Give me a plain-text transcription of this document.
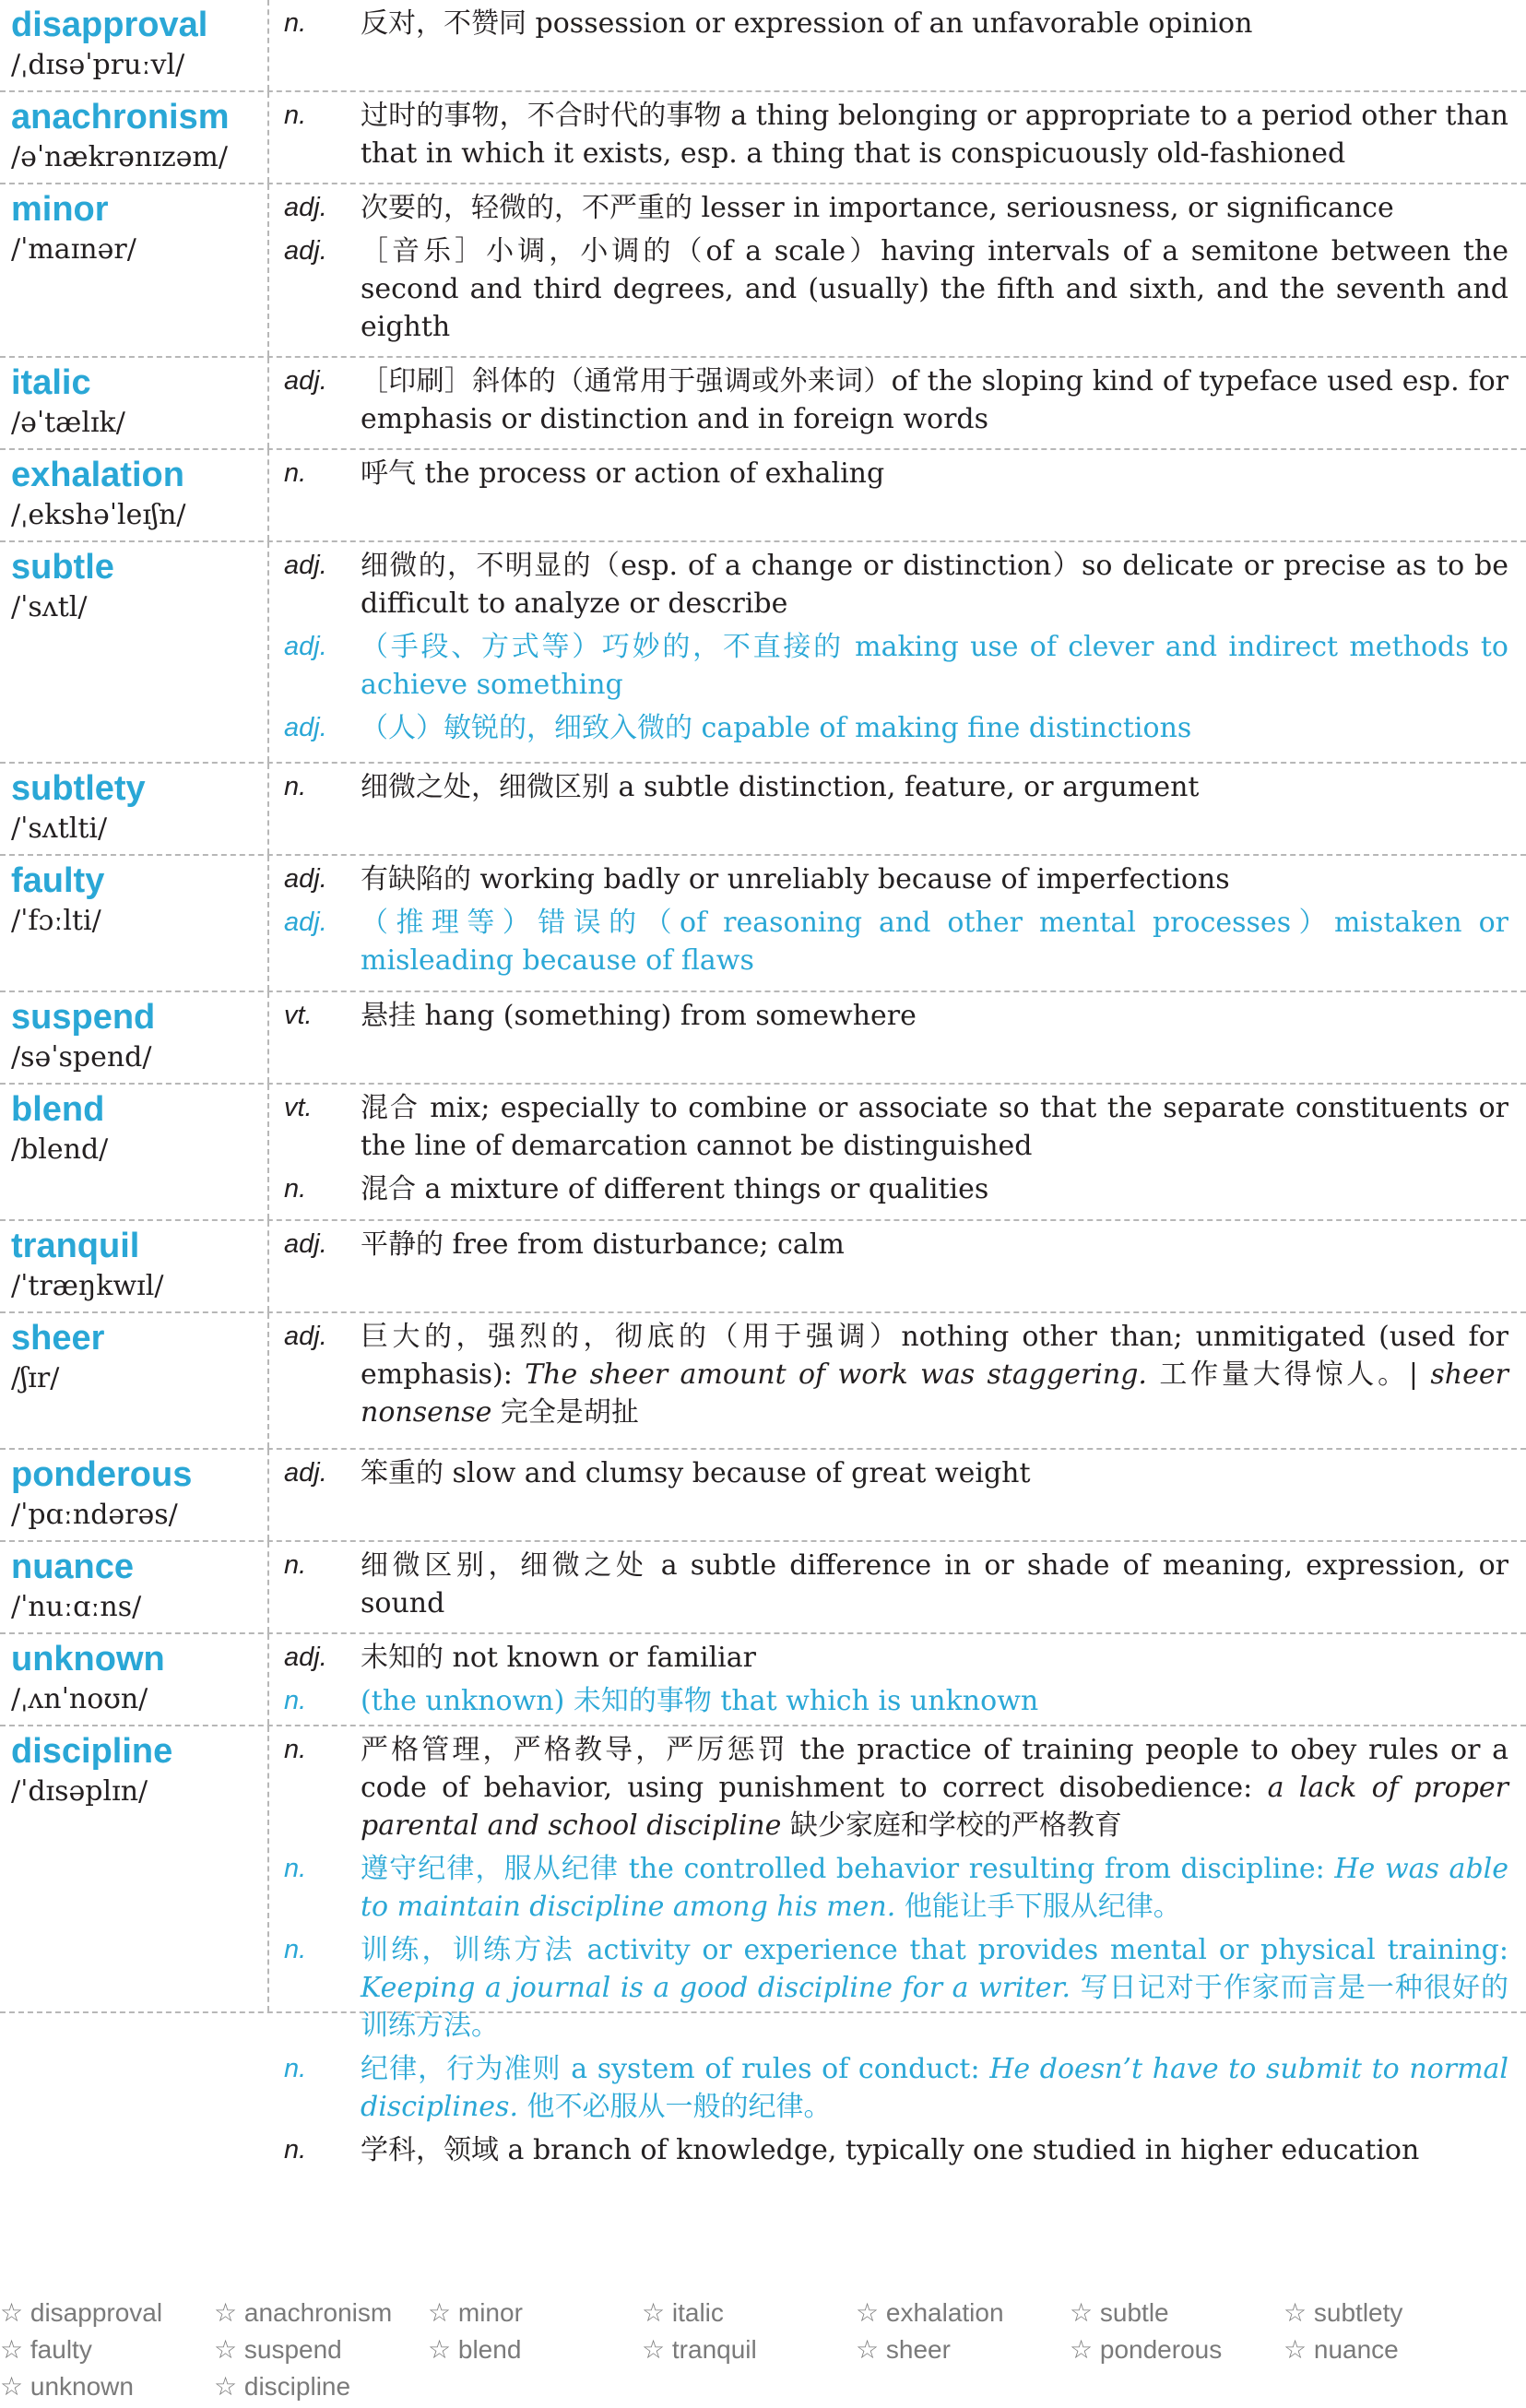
disapproval
/ˌdɪsəˈpruːvl/
n.	反对，不赞同 possession or expression of an unfavorable opinion
anachronism
/əˈnækrənɪzəm/
n.	过时的事物，不合时代的事物 a thing belonging or appropriate to a period other than that in which it exists, esp. a thing that is conspicuously old-fashioned
minor
/ˈmaɪnər/
adj.	次要的，轻微的，不严重的 lesser in importance, seriousness, or significance
adj.	［音乐］小调，小调的（of a scale）having intervals of a semitone between the second and third degrees, and (usually) the fifth and sixth, and the seventh and eighth
italic
/əˈtælɪk/
adj.	［印刷］斜体的（通常用于强调或外来词）of the sloping kind of typeface used esp. for emphasis or distinction and in foreign words
exhalation
/ˌekshəˈleɪʃn/
n.	呼气 the process or action of exhaling
subtle
/ˈsʌtl/
adj.	细微的，不明显的（esp. of a change or distinction）so delicate or precise as to be difficult to analyze or describe
adj.	（手段、方式等）巧妙的，不直接的 making use of clever and indirect methods to achieve something
adj.	（人）敏锐的，细致入微的 capable of making fine distinctions
subtlety
/ˈsʌtlti/
n.	细微之处，细微区别 a subtle distinction, feature, or argument
faulty
/ˈfɔːlti/
adj.	有缺陷的 working badly or unreliably because of imperfections
adj.	（推理等）错误的（of reasoning and other mental processes）mistaken or misleading because of flaws
suspend
/səˈspend/
vt.	悬挂 hang (something) from somewhere
blend
/blend/
vt.	混合 mix; especially to combine or associate so that the separate constituents or the line of demarcation cannot be distinguished
n.	混合 a mixture of different things or qualities
tranquil
/ˈtræŋkwɪl/
adj.	平静的 free from disturbance; calm
sheer
/ʃɪr/
adj.	巨大的，强烈的，彻底的（用于强调）nothing other than; unmitigated (used for emphasis): The sheer amount of work was staggering. 工作量大得惊人。| sheer nonsense 完全是胡扯
ponderous
/ˈpɑːndərəs/
adj.	笨重的 slow and clumsy because of great weight
nuance
/ˈnuːɑːns/
n.	细微区别，细微之处 a subtle difference in or shade of meaning, expression, or sound
unknown
/ˌʌnˈnoʊn/
adj.	未知的 not known or familiar
n.	(the unknown) 未知的事物 that which is unknown
discipline
/ˈdɪsəplɪn/
n.	严格管理，严格教导，严厉惩罚 the practice of training people to obey rules or a code of behavior, using punishment to correct disobedience: a lack of proper parental and school discipline 缺少家庭和学校的严格教育
n.	遵守纪律，服从纪律 the controlled behavior resulting from discipline: He was able to maintain discipline among his men. 他能让手下服从纪律。
n.	训练，训练方法 activity or experience that provides mental or physical training: Keeping a journal is a good discipline for a writer. 写日记对于作家而言是一种很好的训练方法。
n.	纪律，行为准则 a system of rules of conduct: He doesn’t have to submit to normal disciplines. 他不必服从一般的纪律。
n.	学科，领域 a branch of knowledge, typically one studied in higher education
☆ disapproval	☆ anachronism	☆ minor	☆ italic	☆ exhalation	☆ subtle	☆ subtlety
☆ faulty	☆ suspend	☆ blend	☆ tranquil	☆ sheer	☆ ponderous	☆ nuance
☆ unknown	☆ discipline
